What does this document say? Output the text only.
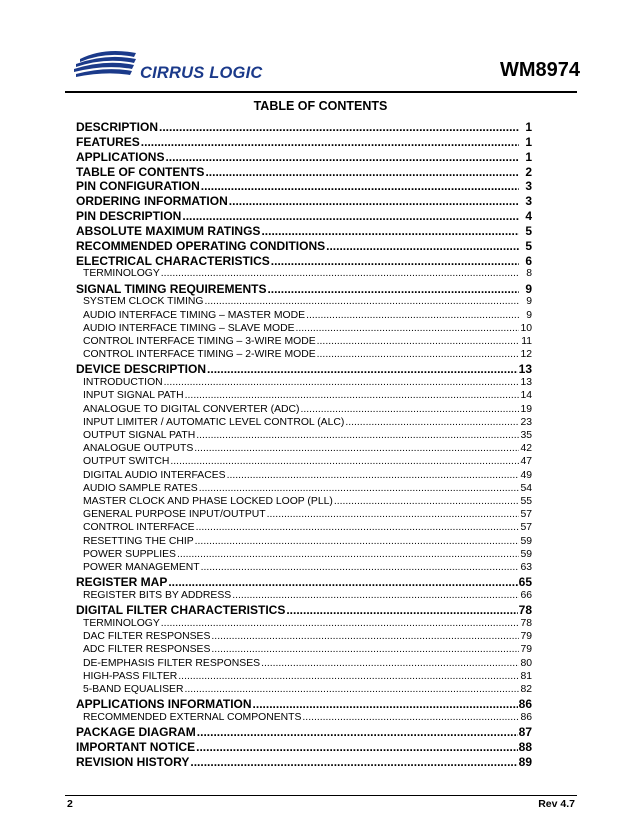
CIRRUS LOGIC	WM8974
TABLE OF CONTENTS
DESCRIPTION .....	1
FEATURES .....	1
APPLICATIONS .....	1
TABLE OF CONTENTS .....	2
PIN CONFIGURATION .....	3
ORDERING INFORMATION .....	3
PIN DESCRIPTION .....	4
ABSOLUTE MAXIMUM RATINGS .....	5
RECOMMENDED OPERATING CONDITIONS .....	5
ELECTRICAL CHARACTERISTICS .....	6
TERMINOLOGY .....	8
SIGNAL TIMING REQUIREMENTS .....	9
SYSTEM CLOCK TIMING .....	9
AUDIO INTERFACE TIMING – MASTER MODE .....	9
AUDIO INTERFACE TIMING – SLAVE MODE .....	10
CONTROL INTERFACE TIMING – 3-WIRE MODE .....	11
CONTROL INTERFACE TIMING – 2-WIRE MODE .....	12
DEVICE DESCRIPTION .....	13
INTRODUCTION .....	13
INPUT SIGNAL PATH .....	14
ANALOGUE TO DIGITAL CONVERTER (ADC) .....	19
INPUT LIMITER / AUTOMATIC LEVEL CONTROL (ALC) .....	23
OUTPUT SIGNAL PATH .....	35
ANALOGUE OUTPUTS .....	42
OUTPUT SWITCH .....	47
DIGITAL AUDIO INTERFACES .....	49
AUDIO SAMPLE RATES .....	54
MASTER CLOCK AND PHASE LOCKED LOOP (PLL) .....	55
GENERAL PURPOSE INPUT/OUTPUT .....	57
CONTROL INTERFACE .....	57
RESETTING THE CHIP .....	59
POWER SUPPLIES .....	59
POWER MANAGEMENT .....	63
REGISTER MAP .....	65
REGISTER BITS BY ADDRESS .....	66
DIGITAL FILTER CHARACTERISTICS .....	78
TERMINOLOGY .....	78
DAC FILTER RESPONSES .....	79
ADC FILTER RESPONSES .....	79
DE-EMPHASIS FILTER RESPONSES .....	80
HIGH-PASS FILTER .....	81
5-BAND EQUALISER .....	82
APPLICATIONS INFORMATION .....	86
RECOMMENDED EXTERNAL COMPONENTS .....	86
PACKAGE DIAGRAM .....	87
IMPORTANT NOTICE .....	88
REVISION HISTORY .....	89
2	Rev 4.7
